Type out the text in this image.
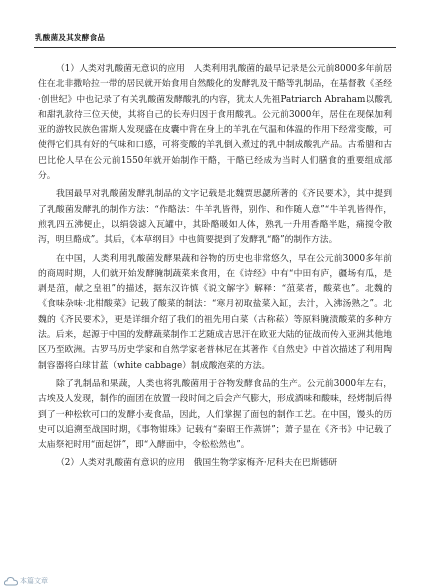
乳酸菌及其发酵食品

（1）人类对乳酸菌无意识的应用　人类利用乳酸菌的最早记录是公元前8000多年前居住在北非撒哈拉一带的居民就开始食用自然酸化的发酵乳及干酪等乳制品，在基督教《圣经·创世纪》中也记录了有关乳酸菌发酵酸乳的内容，犹太人先祖Patriarch Abraham以酸乳和甜乳款待三位天使，其将自己的长寿归因于食用酸乳。公元前3000年，居住在现保加利亚的游牧民族色雷斯人发现盛在皮囊中背在身上的羊乳在气温和体温的作用下经常变酸，可使得它们具有好的气味和口感，可将变酸的羊乳倒入煮过的乳中制成酸乳产品。古希腊和古巴比伦人早在公元前1550年就开始制作干酪，干酪已经成为当时人们膳食的重要组成部分。

我国最早对乳酸菌发酵乳制品的文字记载是北魏贾思勰所著的《齐民要术》，其中提到了乳酸菌发酵乳的制作方法：“作酪法：牛羊乳皆得，别作、和作随人意”“牛羊乳皆得作，煎乳四五沸便止，以绢袋滤入瓦罐中，其卧酪暖如人体，熟乳一升用香酪半匙，痛搅令散泻，明旦酪成”。其后，《本草纲目》中也简要提到了发酵乳“酪”的制作方法。

在中国，人类利用乳酸菌发酵果蔬和谷物的历史也非常悠久，早在公元前3000多年前的商周时期，人们就开始发酵腌制蔬菜来食用，在《诗经》中有“中田有庐，疆场有瓜，是剥是菹，献之皇祖”的描述，据东汉许慎《说文解字》解释：“菹菜者，酸菜也”。北魏的《食味杂味·北柑酸菜》记载了酸菜的制法：“寒月初取盐菜入缸，去汁，入沸汤熟之”。北魏的《齐民要术》，更是详细介绍了我们的祖先用白菜（古称菘）等原料腌渍酸菜的多种方法。后来，起源于中国的发酵蔬菜制作工艺随成吉思汗在欧亚大陆的征战而传入亚洲其他地区乃至欧洲。古罗马历史学家和自然学家老普林尼在其著作《自然史》中首次描述了利用陶制容器将白球甘蓝（white cabbage）制成酸泡菜的方法。

除了乳制品和果蔬，人类也将乳酸菌用于谷物发酵食品的生产。公元前3000年左右，古埃及人发现，制作的面团在放置一段时间之后会产气膨大，形成酒味和酸味，经烤制后得到了一种松软可口的发酵小麦食品，因此，人们掌握了面包的制作工艺。在中国，馒头的历史可以追溯至战国时期，《事物钳珠》记载有“秦昭王作蒸饼”；萧子显在《齐书》中记载了太庙祭祀时用“面起饼”，即“入酵面中，令松松然也”。

（2）人类对乳酸菌有意识的应用　俄国生物学家梅齐·尼科夫在巴斯德研

本篇文章
